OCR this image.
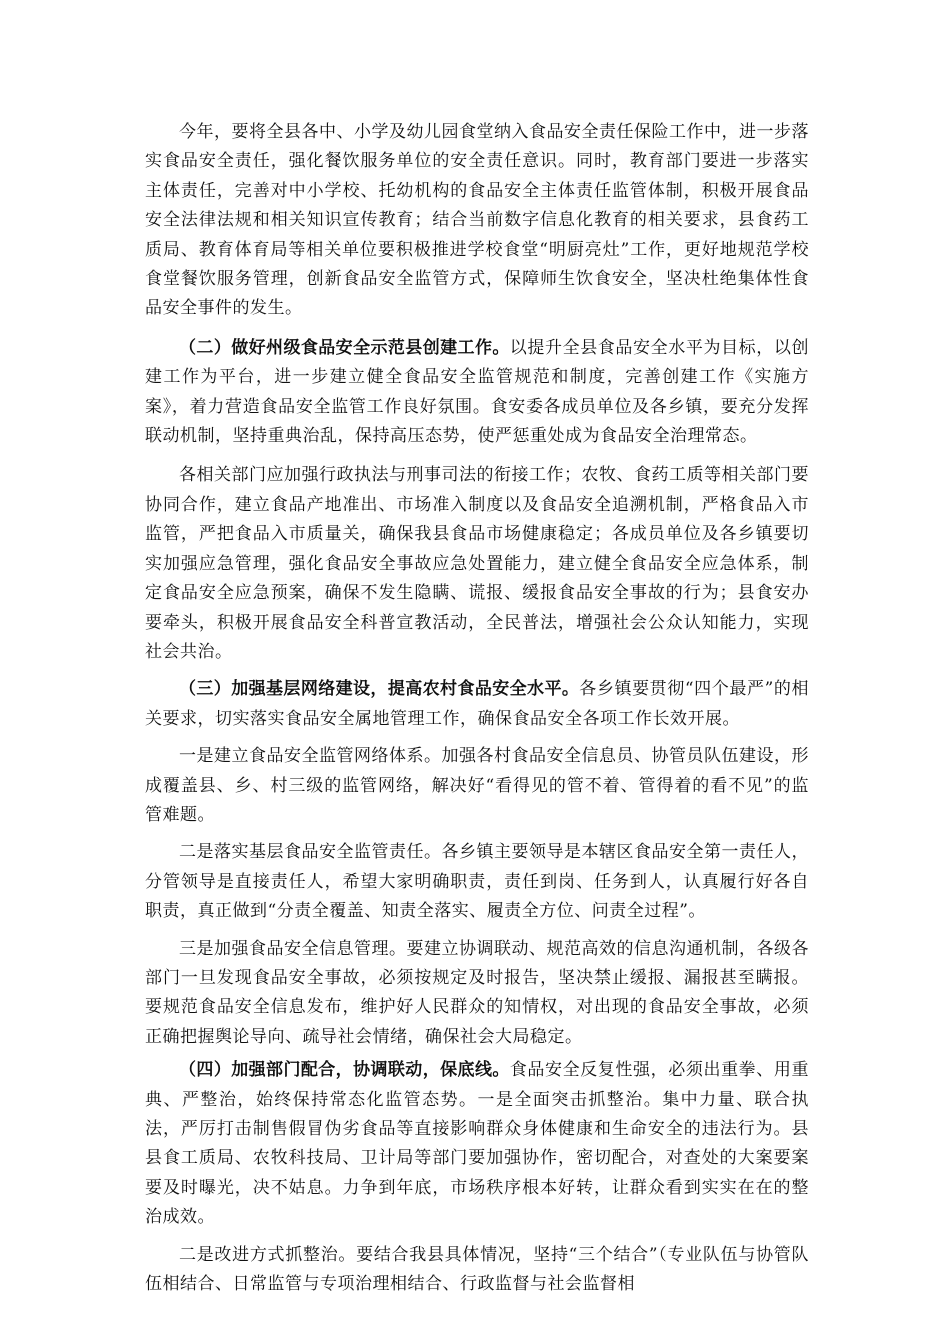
今年，要将全县各中、小学及幼儿园食堂纳入食品安全责任保险工作中，进一步落实食品安全责任，强化餐饮服务单位的安全责任意识。同时，教育部门要进一步落实主体责任，完善对中小学校、托幼机构的食品安全主体责任监管体制，积极开展食品安全法律法规和相关知识宣传教育；结合当前数字信息化教育的相关要求，县食药工质局、教育体育局等相关单位要积极推进学校食堂“明厨亮灶”工作，更好地规范学校食堂餐饮服务管理，创新食品安全监管方式，保障师生饮食安全，坚决杜绝集体性食品安全事件的发生。

（二）做好州级食品安全示范县创建工作。以提升全县食品安全水平为目标，以创建工作为平台，进一步建立健全食品安全监管规范和制度，完善创建工作《实施方案》，着力营造食品安全监管工作良好氛围。食安委各成员单位及各乡镇，要充分发挥联动机制，坚持重典治乱，保持高压态势，使严惩重处成为食品安全治理常态。

各相关部门应加强行政执法与刑事司法的衔接工作；农牧、食药工质等相关部门要协同合作，建立食品产地准出、市场准入制度以及食品安全追溯机制，严格食品入市监管，严把食品入市质量关，确保我县食品市场健康稳定；各成员单位及各乡镇要切实加强应急管理，强化食品安全事故应急处置能力，建立健全食品安全应急体系，制定食品安全应急预案，确保不发生隐瞒、谎报、缓报食品安全事故的行为；县食安办要牵头，积极开展食品安全科普宣教活动，全民普法，增强社会公众认知能力，实现社会共治。

（三）加强基层网络建设，提高农村食品安全水平。各乡镇要贯彻“四个最严”的相关要求，切实落实食品安全属地管理工作，确保食品安全各项工作长效开展。

一是建立食品安全监管网络体系。加强各村食品安全信息员、协管员队伍建设，形成覆盖县、乡、村三级的监管网络，解决好“看得见的管不着、管得着的看不见”的监管难题。

二是落实基层食品安全监管责任。各乡镇主要领导是本辖区食品安全第一责任人，分管领导是直接责任人，希望大家明确职责，责任到岗、任务到人，认真履行好各自职责，真正做到“分责全覆盖、知责全落实、履责全方位、问责全过程”。

三是加强食品安全信息管理。要建立协调联动、规范高效的信息沟通机制，各级各部门一旦发现食品安全事故，必须按规定及时报告，坚决禁止缓报、漏报甚至瞒报。要规范食品安全信息发布，维护好人民群众的知情权，对出现的食品安全事故，必须正确把握舆论导向、疏导社会情绪，确保社会大局稳定。

（四）加强部门配合，协调联动，保底线。食品安全反复性强，必须出重拳、用重典、严整治，始终保持常态化监管态势。一是全面突击抓整治。集中力量、联合执法，严厉打击制售假冒伪劣食品等直接影响群众身体健康和生命安全的违法行为。县县食工质局、农牧科技局、卫计局等部门要加强协作，密切配合，对查处的大案要案要及时曝光，决不姑息。力争到年底，市场秩序根本好转，让群众看到实实在在的整治成效。

二是改进方式抓整治。要结合我县具体情况，坚持“三个结合”（专业队伍与协管队伍相结合、日常监管与专项治理相结合、行政监督与社会监督相
